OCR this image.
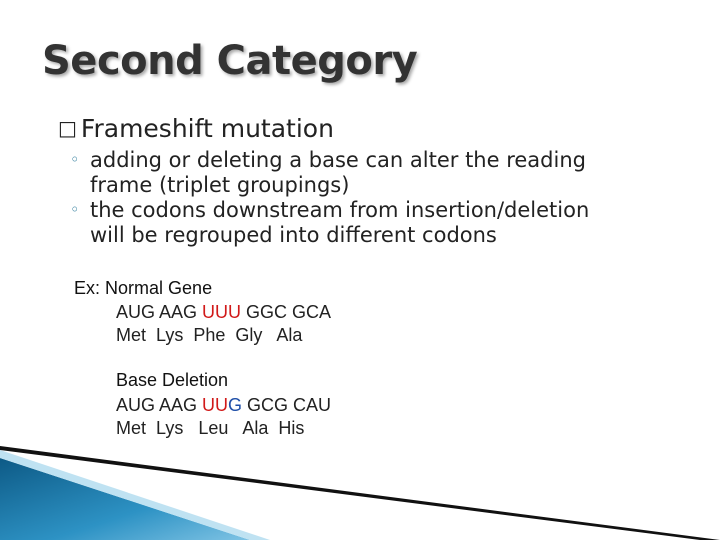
Second Category
□ Frameshift mutation
◦ adding or deleting a base can alter the reading
frame (triplet groupings)
◦ the codons downstream from insertion/deletion
will be regrouped into different codons
Ex: Normal Gene
AUG AAG UUU GGC GCA
Met  Lys  Phe  Gly   Ala
Base Deletion
AUG AAG UUG GCG CAU
Met  Lys   Leu   Ala  His
